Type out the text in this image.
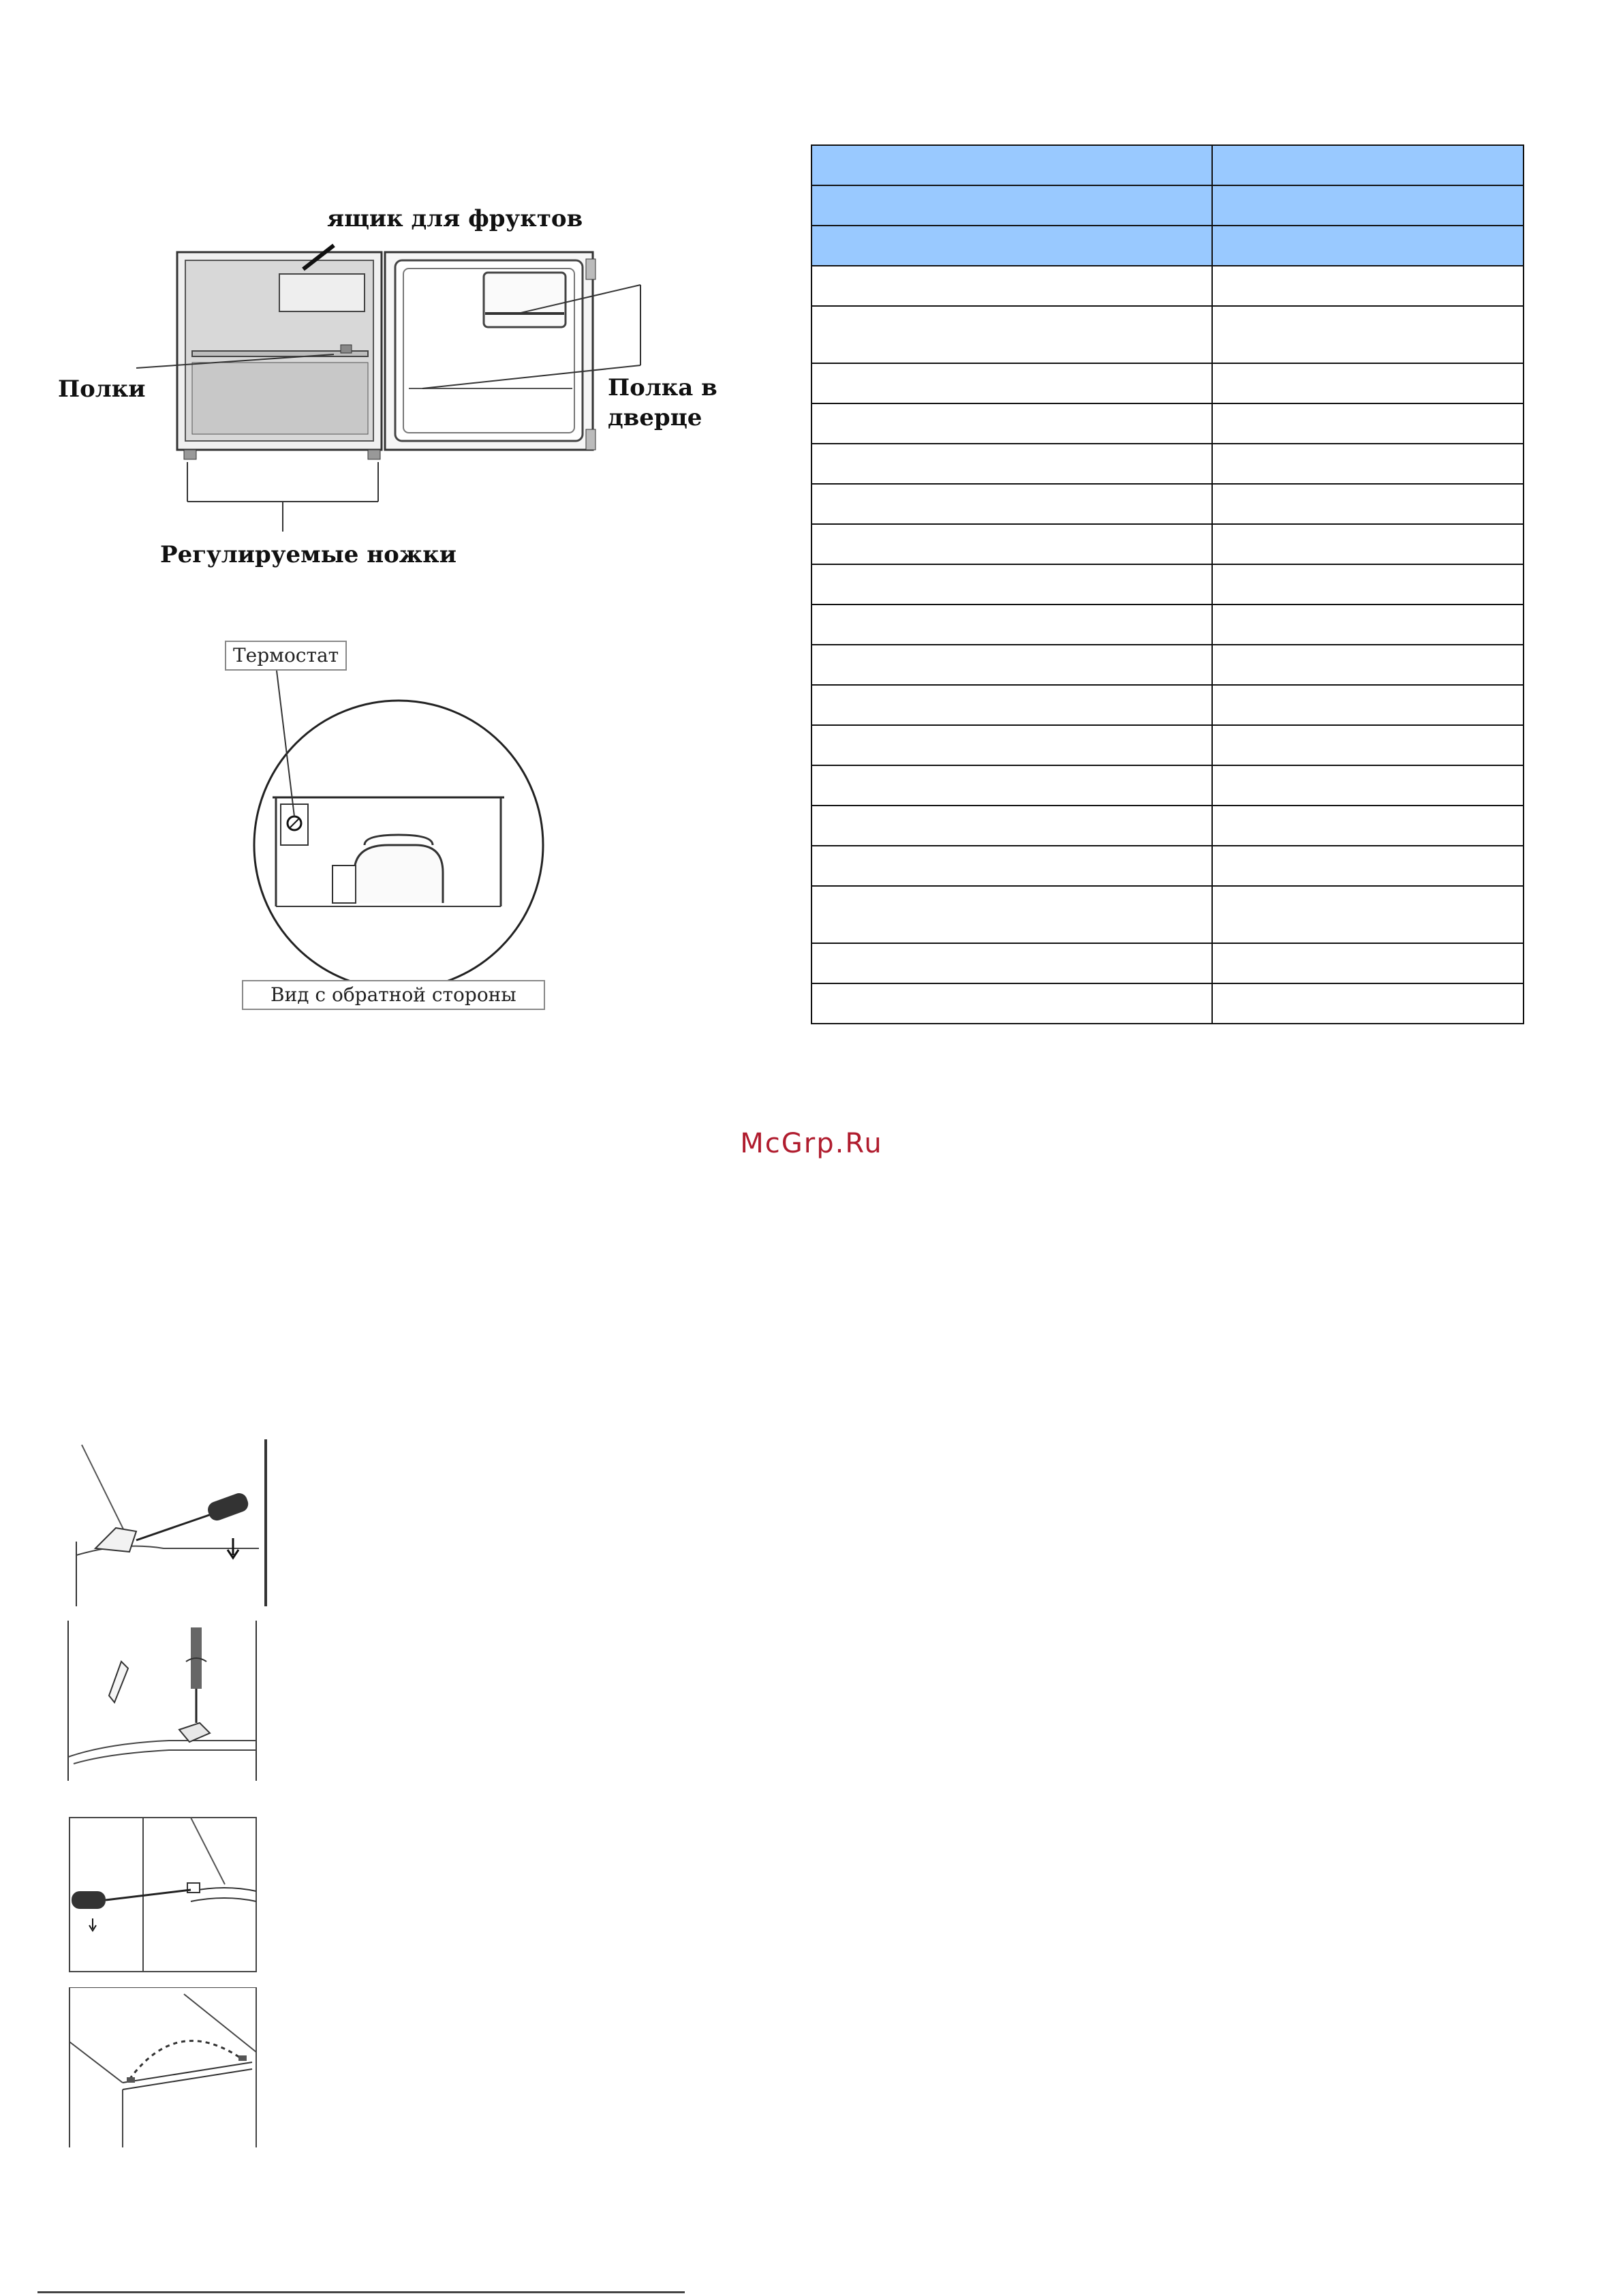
ящик для фруктов
Полки	Полка в
дверце
Регулируемые ножки
Термостат
Вид с обратной стороны

McGrp.Ru
